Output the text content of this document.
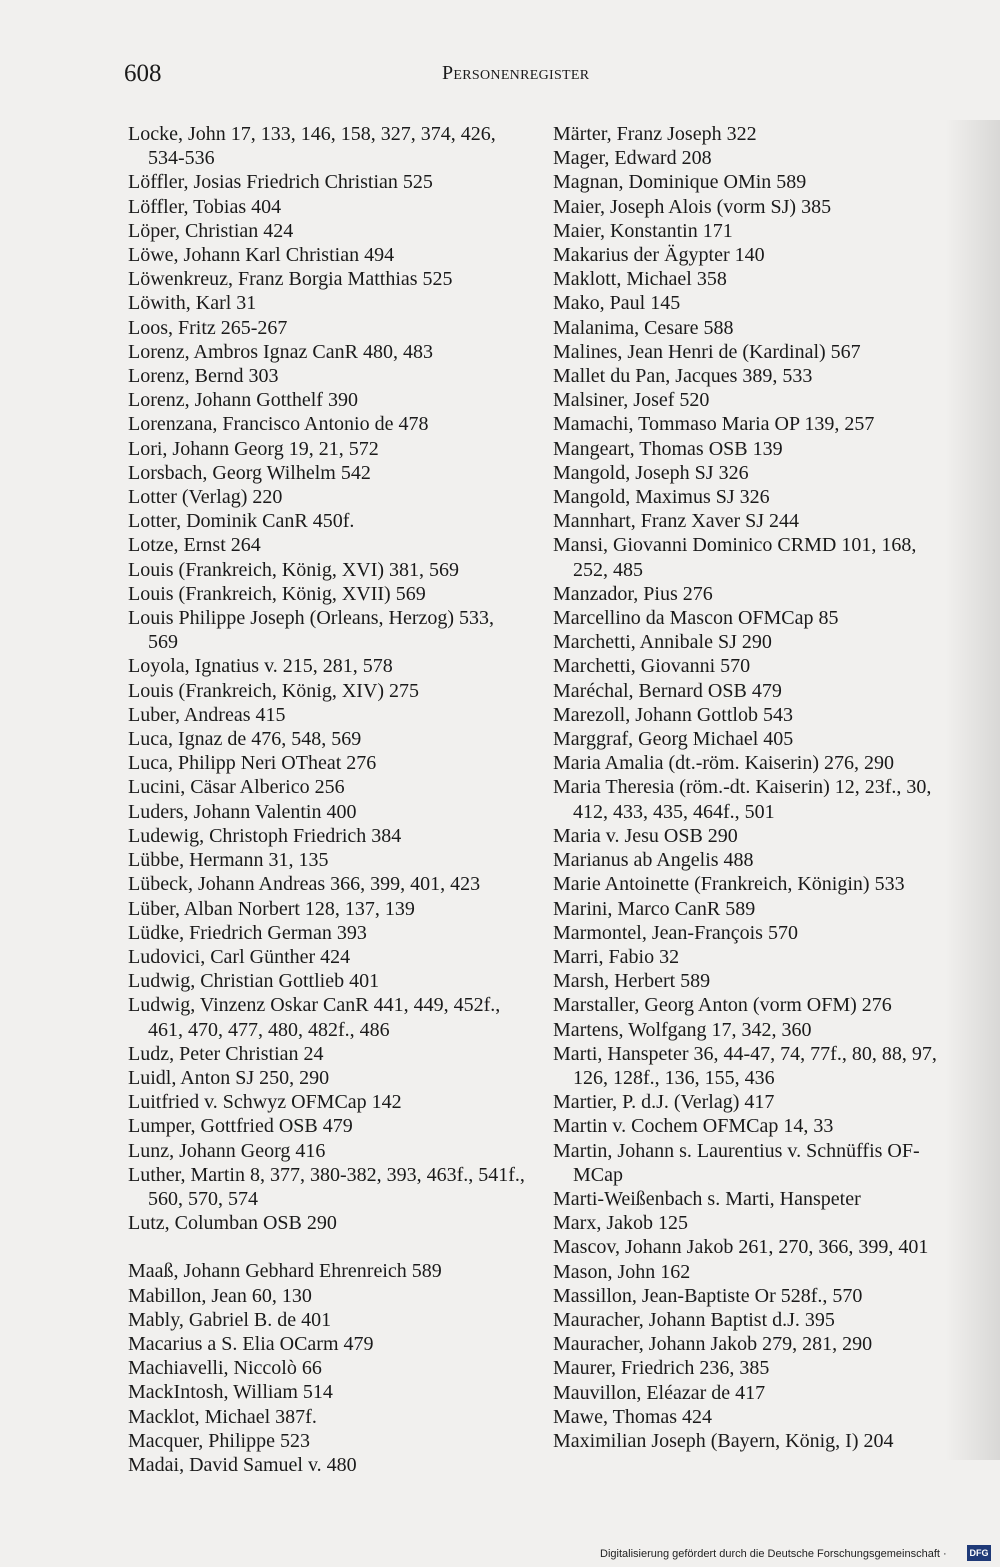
608	Personenregister
Locke, John 17, 133, 146, 158, 327, 374, 426, 534-536
Löffler, Josias Friedrich Christian 525
Löffler, Tobias 404
Löper, Christian 424
Löwe, Johann Karl Christian 494
Löwenkreuz, Franz Borgia Matthias 525
Löwith, Karl 31
Loos, Fritz 265-267
Lorenz, Ambros Ignaz CanR 480, 483
Lorenz, Bernd 303
Lorenz, Johann Gotthelf 390
Lorenzana, Francisco Antonio de 478
Lori, Johann Georg 19, 21, 572
Lorsbach, Georg Wilhelm 542
Lotter (Verlag) 220
Lotter, Dominik CanR 450f.
Lotze, Ernst 264
Louis (Frankreich, König, XVI) 381, 569
Louis (Frankreich, König, XVII) 569
Louis Philippe Joseph (Orleans, Herzog) 533, 569
Loyola, Ignatius v. 215, 281, 578
Louis (Frankreich, König, XIV) 275
Luber, Andreas 415
Luca, Ignaz de 476, 548, 569
Luca, Philipp Neri OTheat 276
Lucini, Cäsar Alberico 256
Luders, Johann Valentin 400
Ludewig, Christoph Friedrich 384
Lübbe, Hermann 31, 135
Lübeck, Johann Andreas 366, 399, 401, 423
Lüber, Alban Norbert 128, 137, 139
Lüdke, Friedrich German 393
Ludovici, Carl Günther 424
Ludwig, Christian Gottlieb 401
Ludwig, Vinzenz Oskar CanR 441, 449, 452f., 461, 470, 477, 480, 482f., 486
Ludz, Peter Christian 24
Luidl, Anton SJ 250, 290
Luitfried v. Schwyz OFMCap 142
Lumper, Gottfried OSB 479
Lunz, Johann Georg 416
Luther, Martin 8, 377, 380-382, 393, 463f., 541f., 560, 570, 574
Lutz, Columban OSB 290
Maaß, Johann Gebhard Ehrenreich 589
Mabillon, Jean 60, 130
Mably, Gabriel B. de 401
Macarius a S. Elia OCarm 479
Machiavelli, Niccolò 66
MackIntosh, William 514
Macklot, Michael 387f.
Macquer, Philippe 523
Madai, David Samuel v. 480
Märter, Franz Joseph 322
Mager, Edward 208
Magnan, Dominique OMin 589
Maier, Joseph Alois (vorm SJ) 385
Maier, Konstantin 171
Makarius der Ägypter 140
Maklott, Michael 358
Mako, Paul 145
Malanima, Cesare 588
Malines, Jean Henri de (Kardinal) 567
Mallet du Pan, Jacques 389, 533
Malsiner, Josef 520
Mamachi, Tommaso Maria OP 139, 257
Mangeart, Thomas OSB 139
Mangold, Joseph SJ 326
Mangold, Maximus SJ 326
Mannhart, Franz Xaver SJ 244
Mansi, Giovanni Dominico CRMD 101, 168, 252, 485
Manzador, Pius 276
Marcellino da Mascon OFMCap 85
Marchetti, Annibale SJ 290
Marchetti, Giovanni 570
Maréchal, Bernard OSB 479
Marezoll, Johann Gottlob 543
Marggraf, Georg Michael 405
Maria Amalia (dt.-röm. Kaiserin) 276, 290
Maria Theresia (röm.-dt. Kaiserin) 12, 23f., 30, 412, 433, 435, 464f., 501
Maria v. Jesu OSB 290
Marianus ab Angelis 488
Marie Antoinette (Frankreich, Königin) 533
Marini, Marco CanR 589
Marmontel, Jean-François 570
Marri, Fabio 32
Marsh, Herbert 589
Marstaller, Georg Anton (vorm OFM) 276
Martens, Wolfgang 17, 342, 360
Marti, Hanspeter 36, 44-47, 74, 77f., 80, 88, 97, 126, 128f., 136, 155, 436
Martier, P. d.J. (Verlag) 417
Martin v. Cochem OFMCap 14, 33
Martin, Johann s. Laurentius v. Schnüffis OF-MCap
Marti-Weißenbach s. Marti, Hanspeter
Marx, Jakob 125
Mascov, Johann Jakob 261, 270, 366, 399, 401
Mason, John 162
Massillon, Jean-Baptiste Or 528f., 570
Mauracher, Johann Baptist d.J. 395
Mauracher, Johann Jakob 279, 281, 290
Maurer, Friedrich 236, 385
Mauvillon, Eléazar de 417
Mawe, Thomas 424
Maximilian Joseph (Bayern, König, I) 204
Digitalisierung gefördert durch die Deutsche Forschungsgemeinschaft ·	DFG
